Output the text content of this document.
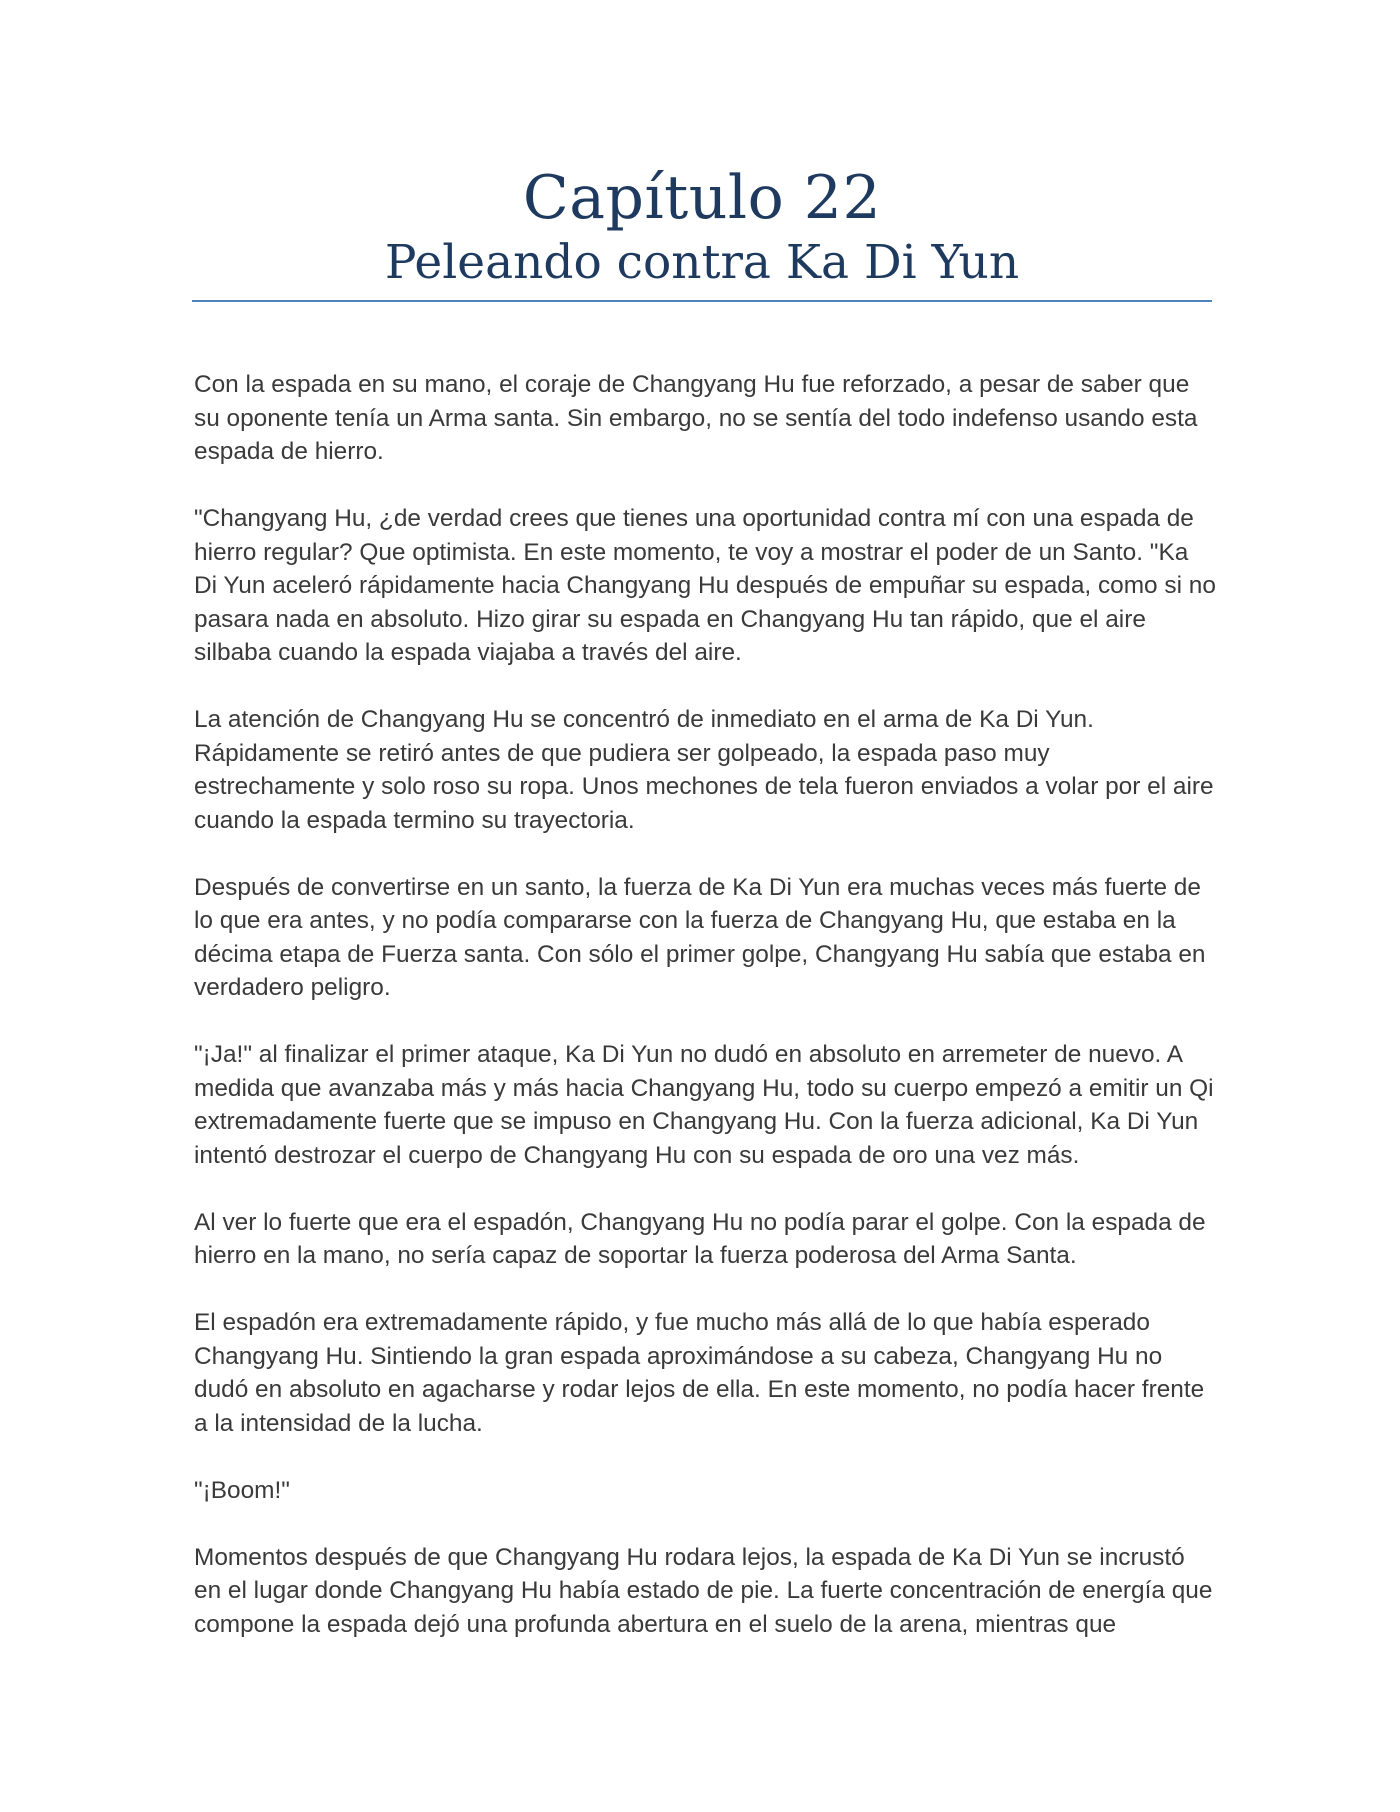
Capítulo 22
Peleando contra Ka Di Yun

Con la espada en su mano, el coraje de Changyang Hu fue reforzado, a pesar de saber que su oponente tenía un Arma santa. Sin embargo, no se sentía del todo indefenso usando esta espada de hierro.

"Changyang Hu, ¿de verdad crees que tienes una oportunidad contra mí con una espada de hierro regular? Que optimista. En este momento, te voy a mostrar el poder de un Santo. "Ka Di Yun aceleró rápidamente hacia Changyang Hu después de empuñar su espada, como si no pasara nada en absoluto. Hizo girar su espada en Changyang Hu tan rápido, que el aire silbaba cuando la espada viajaba a través del aire.

La atención de Changyang Hu se concentró de inmediato en el arma de Ka Di Yun. Rápidamente se retiró antes de que pudiera ser golpeado, la espada paso muy estrechamente y solo roso su ropa. Unos mechones de tela fueron enviados a volar por el aire cuando la espada termino su trayectoria.

Después de convertirse en un santo, la fuerza de Ka Di Yun era muchas veces más fuerte de lo que era antes, y no podía compararse con la fuerza de Changyang Hu, que estaba en la décima etapa de Fuerza santa. Con sólo el primer golpe, Changyang Hu sabía que estaba en verdadero peligro.

"¡Ja!" al finalizar el primer ataque, Ka Di Yun no dudó en absoluto en arremeter de nuevo. A medida que avanzaba más y más hacia Changyang Hu, todo su cuerpo empezó a emitir un Qi extremadamente fuerte que se impuso en Changyang Hu. Con la fuerza adicional, Ka Di Yun intentó destrozar el cuerpo de Changyang Hu con su espada de oro una vez más.

Al ver lo fuerte que era el espadón, Changyang Hu no podía parar el golpe. Con la espada de hierro en la mano, no sería capaz de soportar la fuerza poderosa del Arma Santa.

El espadón era extremadamente rápido, y fue mucho más allá de lo que había esperado Changyang Hu. Sintiendo la gran espada aproximándose a su cabeza, Changyang Hu no dudó en absoluto en agacharse y rodar lejos de ella. En este momento, no podía hacer frente a la intensidad de la lucha.

"¡Boom!"

Momentos después de que Changyang Hu rodara lejos, la espada de Ka Di Yun se incrustó en el lugar donde Changyang Hu había estado de pie. La fuerte concentración de energía que compone la espada dejó una profunda abertura en el suelo de la arena, mientras que
